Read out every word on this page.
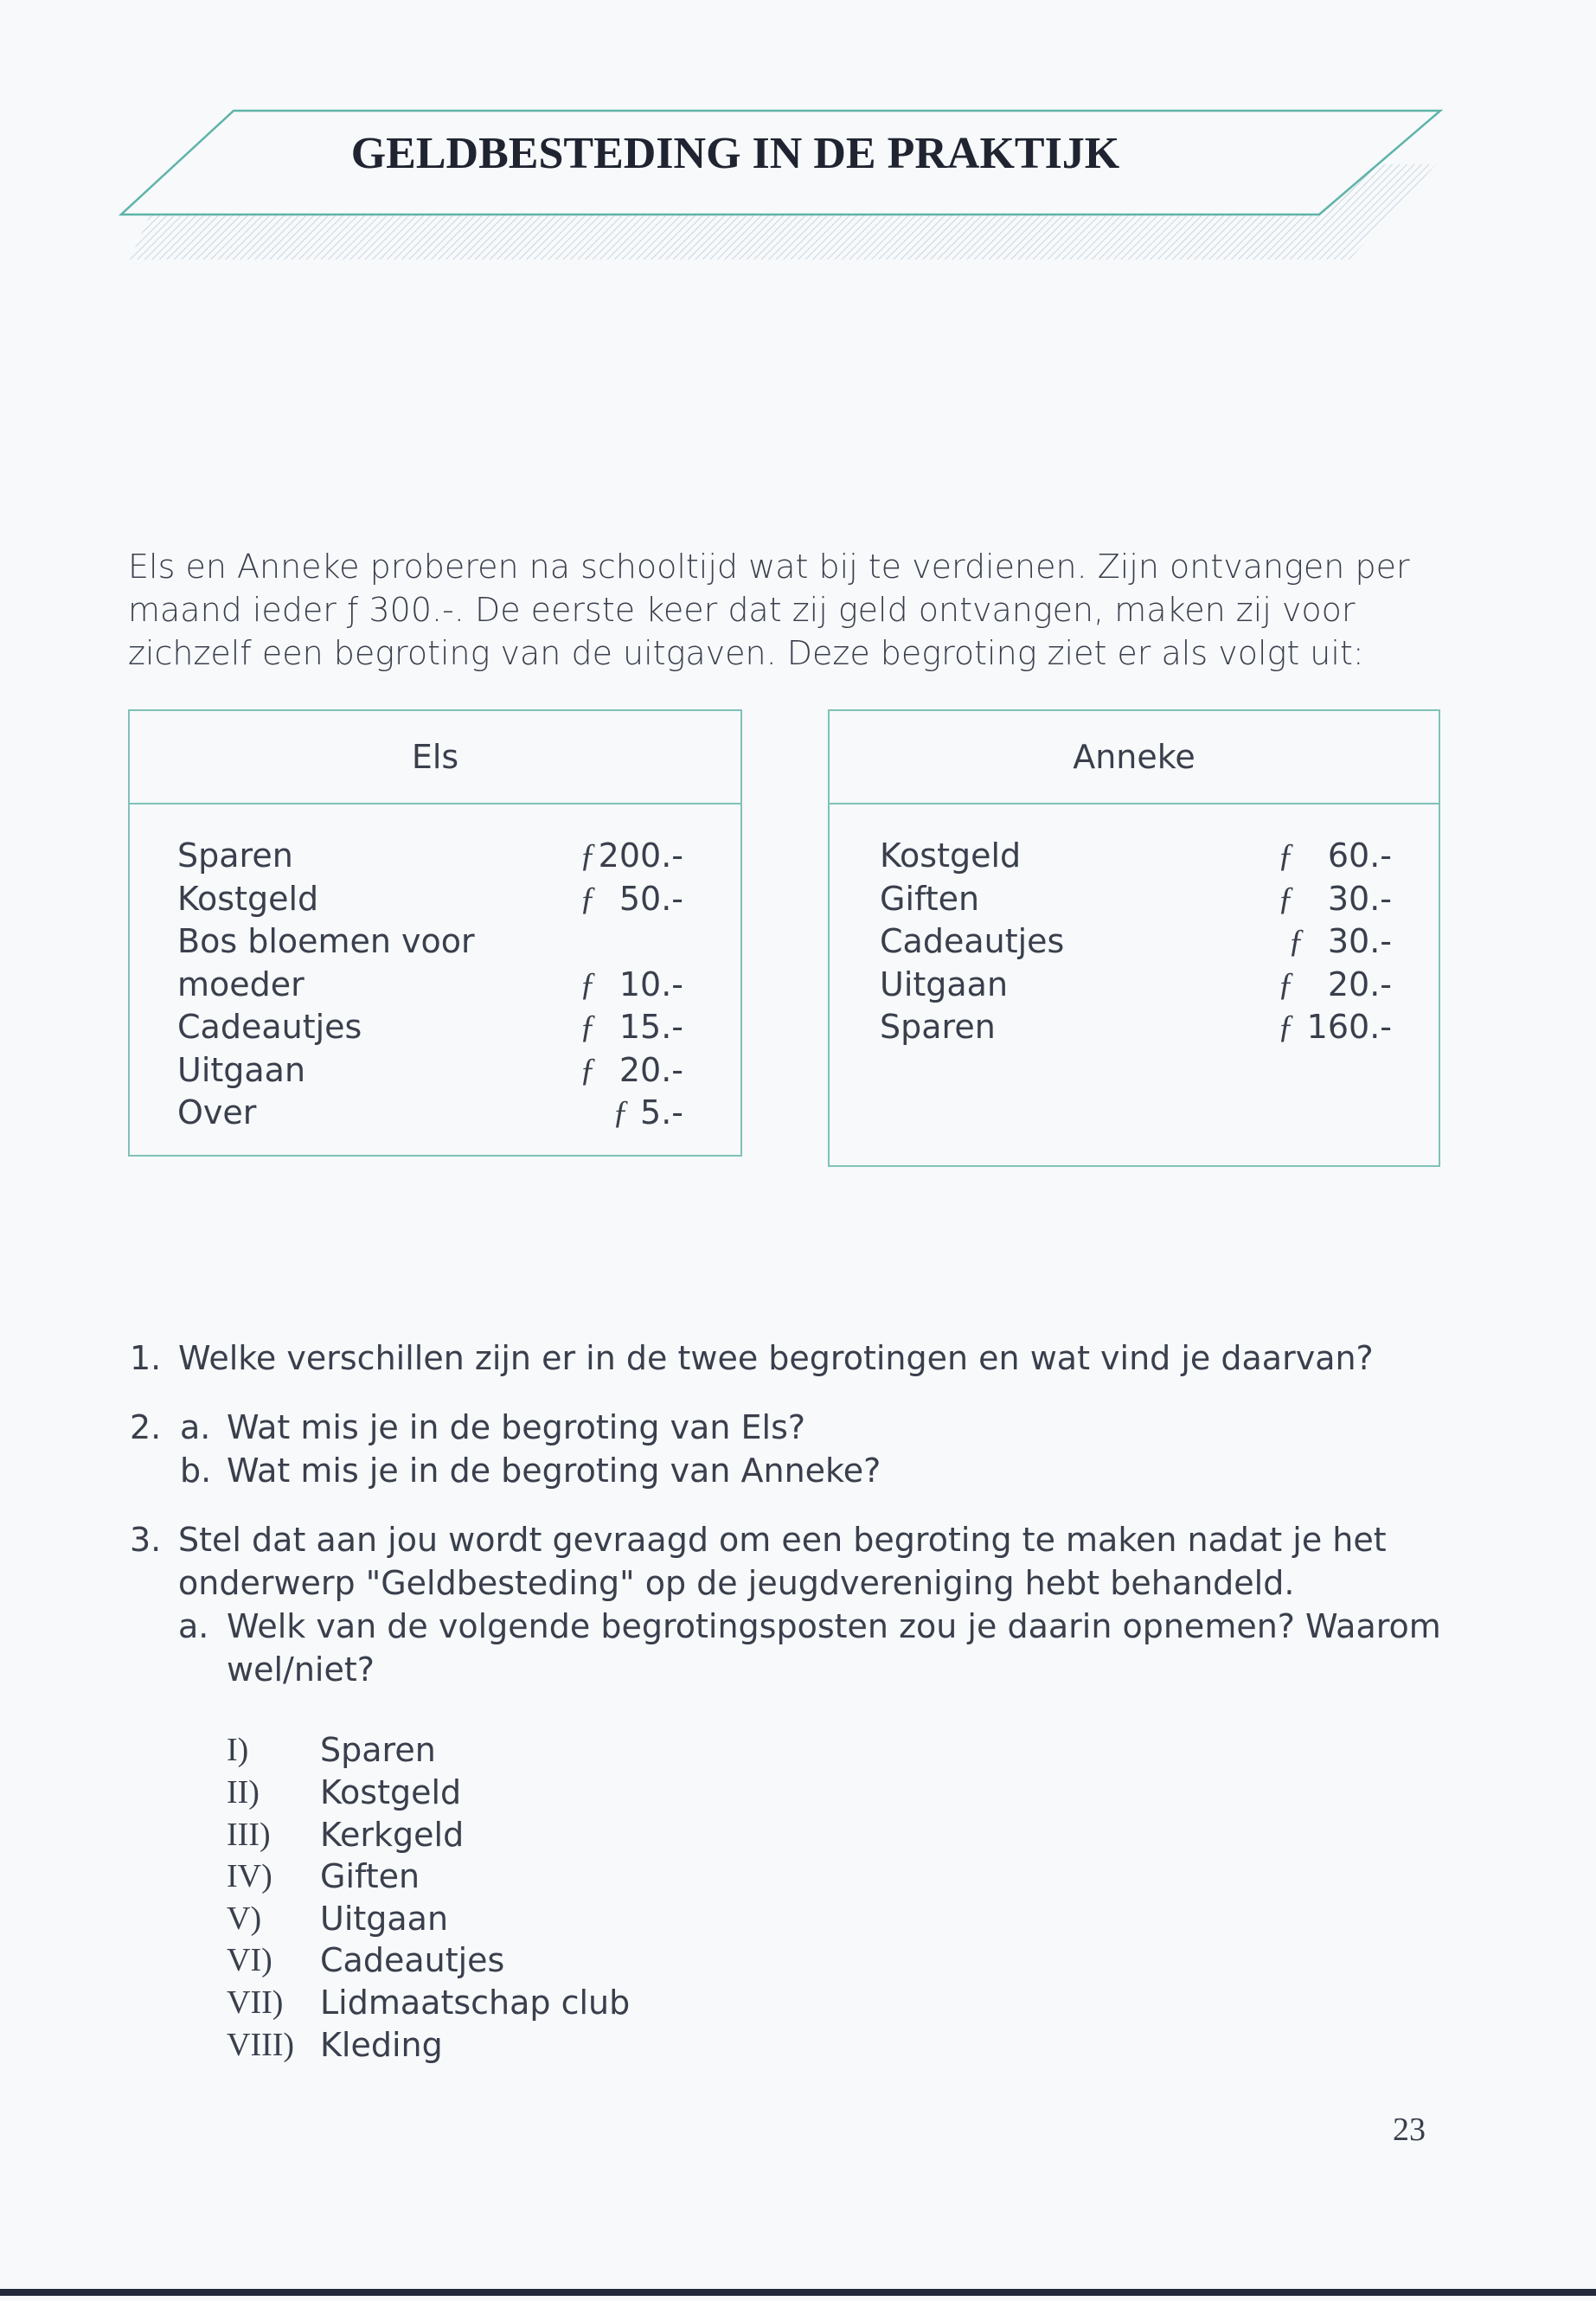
GELDBESTEDING IN DE PRAKTIJK
Els en Anneke proberen na schooltijd wat bij te verdienen. Zijn ontvangen per
maand ieder ƒ 300.-. De eerste keer dat zij geld ontvangen, maken zij voor
zichzelf een begroting van de uitgaven. Deze begroting ziet er als volgt uit:
Els
Sparen	ƒ 200.-
Kostgeld	ƒ 50.-
Bos bloemen voor
moeder	ƒ 10.-
Cadeautjes	ƒ 15.-
Uitgaan	ƒ 20.-
Over	ƒ 5.-
Anneke
Kostgeld	ƒ	60.-
Giften	ƒ	30.-
Cadeautjes	ƒ 30.-
Uitgaan	ƒ	20.-
Sparen	ƒ 160.-
1. Welke verschillen zijn er in de twee begrotingen en wat vind je daarvan?
2. a. Wat mis je in de begroting van Els?
b. Wat mis je in de begroting van Anneke?
3. Stel dat aan jou wordt gevraagd om een begroting te maken nadat je het
onderwerp "Geldbesteding" op de jeugdvereniging hebt behandeld.
a. Welk van de volgende begrotingsposten zou je daarin opnemen? Waarom
wel/niet?
I) Sparen
II) Kostgeld
III) Kerkgeld
IV) Giften
V) Uitgaan
VI) Cadeautjes
VII) Lidmaatschap club
VIII) Kleding
23
